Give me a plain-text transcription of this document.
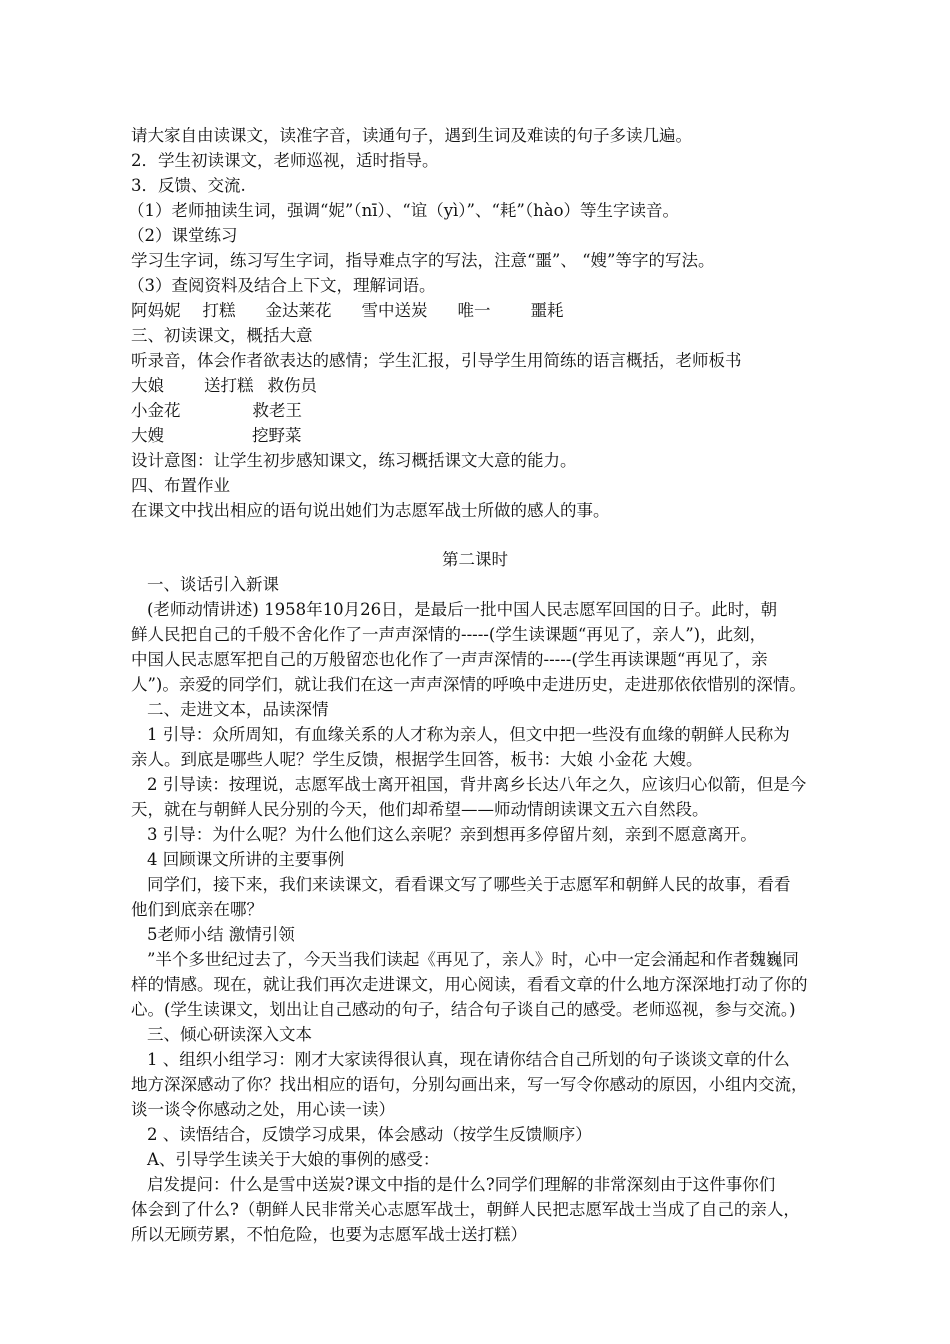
请大家自由读课文，读准字音，读通句子，遇到生词及难读的句子多读几遍。
2．学生初读课文，老师巡视，适时指导。
3．反馈、交流.
（1）老师抽读生词，强调“妮”（nī）、“谊（yì）”、“耗”（hào）等生字读音。
（2）课堂练习
学习生字词，练习写生字词，指导难点字的写法，注意“噩”、 “嫂”等字的写法。
（3）查阅资料及结合上下文，理解词语。
阿妈妮 打糕 金达莱花 雪中送炭 唯一 噩耗
三、初读课文，概括大意
听录音，体会作者欲表达的感情；学生汇报，引导学生用简练的语言概括，老师板书
大娘 送打糕 救伤员
小金花	救老王
大嫂	挖野菜
设计意图：让学生初步感知课文，练习概括课文大意的能力。
四、布置作业
在课文中找出相应的语句说出她们为志愿军战士所做的感人的事。
第二课时
一、谈话引入新课
(老师动情讲述) 1958年10月26日，是最后一批中国人民志愿军回国的日子。此时，朝
鲜人民把自己的千般不舍化作了一声声深情的-----(学生读课题“再见了，亲人”)，此刻，
中国人民志愿军把自己的万般留恋也化作了一声声深情的-----(学生再读课题“再见了，亲
人”)。亲爱的同学们，就让我们在这一声声深情的呼唤中走进历史，走进那依依惜别的深情。
二、走进文本，品读深情
1 引导：众所周知，有血缘关系的人才称为亲人，但文中把一些没有血缘的朝鲜人民称为
亲人。到底是哪些人呢？学生反馈，根据学生回答，板书：大娘 小金花 大嫂。
2 引导读：按理说，志愿军战士离开祖国，背井离乡长达八年之久，应该归心似箭，但是今
天，就在与朝鲜人民分别的今天，他们却希望——师动情朗读课文五六自然段。
3 引导：为什么呢？为什么他们这么亲呢？亲到想再多停留片刻，亲到不愿意离开。
4 回顾课文所讲的主要事例
同学们，接下来，我们来读课文，看看课文写了哪些关于志愿军和朝鲜人民的故事，看看
他们到底亲在哪？
5老师小结 激情引领
”半个多世纪过去了，今天当我们读起《再见了，亲人》时，心中一定会涌起和作者魏巍同
样的情感。现在，就让我们再次走进课文，用心阅读，看看文章的什么地方深深地打动了你的
心。(学生读课文，划出让自己感动的句子，结合句子谈自己的感受。老师巡视，参与交流。)
三、倾心研读深入文本
1 、组织小组学习：刚才大家读得很认真，现在请你结合自己所划的句子谈谈文章的什么
地方深深感动了你？找出相应的语句，分别勾画出来，写一写令你感动的原因，小组内交流，
谈一谈令你感动之处，用心读一读）
2 、读悟结合，反馈学习成果，体会感动（按学生反馈顺序）
A、引导学生读关于大娘的事例的感受：
启发提问：什么是雪中送炭?课文中指的是什么?同学们理解的非常深刻由于这件事你们
体会到了什么?（朝鲜人民非常关心志愿军战士，朝鲜人民把志愿军战士当成了自己的亲人，
所以无顾劳累，不怕危险，也要为志愿军战士送打糕）
